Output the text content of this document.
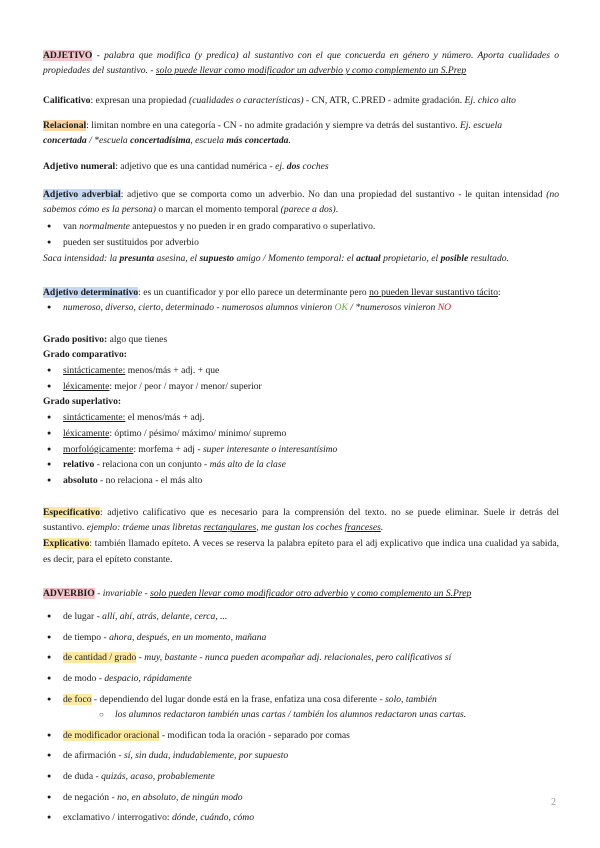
ADJETIVO - palabra que modifica (y predica) al sustantivo con el que concuerda en género y número. Aporta cualidades o propiedades del sustantivo. - solo puede llevar como modificador un adverbio y como complemento un S.Prep

Calificativo: expresan una propiedad (cualidades o características) - CN, ATR, C.PRED - admite gradación. Ej. chico alto

Relacional: limitan nombre en una categoría - CN - no admite gradación y siempre va detrás del sustantivo. Ej. escuela
concertada / *escuela concertadísima, escuela más concertada.

Adjetivo numeral: adjetivo que es una cantidad numérica - ej. dos coches

Adjetivo adverbial: adjetivo que se comporta como un adverbio. No dan una propiedad del sustantivo - le quitan intensidad (no sabemos cómo es la persona) o marcan el momento temporal (parece a dos).

● van normalmente antepuestos y no pueden ir en grado comparativo o superlativo.
● pueden ser sustituidos por adverbio

Saca intensidad: la presunta asesina, el supuesto amigo / Momento temporal: el actual propietario, el posible resultado.

Adjetivo determinativo: es un cuantificador y por ello parece un determinante pero no pueden llevar sustantivo tácito:

● numeroso, diverso, cierto, determinado - numerosos alumnos vinieron OK / *numerosos vinieron NO

Grado positivo: algo que tienes

Grado comparativo:

● sintácticamente: menos/más + adj. + que
● léxicamente: mejor / peor / mayor / menor/ superior

Grado superlativo:

● sintácticamente: el menos/más + adj.
● léxicamente: óptimo / pésimo/ máximo/ mínimo/ supremo
● morfológicamente: morfema + adj - super interesante o interesantísimo
● relativo - relaciona con un conjunto - más alto de la clase
● absoluto - no relaciona - el más alto

Especificativo: adjetivo calificativo que es necesario para la comprensión del texto. no se puede eliminar. Suele ir detrás del sustantivo. ejemplo: tráeme unas libretas rectangulares, me gustan los coches franceses.

Explicativo: también llamado epíteto. A veces se reserva la palabra epíteto para el adj explicativo que indica una cualidad ya sabida, es decir, para el epíteto constante.

ADVERBIO - invariable - solo pueden llevar como modificador otro adverbio y como complemento un S.Prep

● de lugar - allí, ahí, atrás, delante, cerca, ...
● de tiempo - ahora, después, en un momento, mañana
● de cantidad / grado - muy, bastante - nunca pueden acompañar adj. relacionales, pero calificativos sí
● de modo - despacio, rápidamente
● de foco - dependiendo del lugar donde está en la frase, enfatiza una cosa diferente - solo, también
○ los alumnos redactaron también unas cartas / también los alumnos redactaron unas cartas.
● de modificador oracional - modifican toda la oración - separado por comas
● de afirmación - sí, sin duda, indudablemente, por supuesto
● de duda - quizás, acaso, probablemente
● de negación - no, en absoluto, de ningún modo
● exclamativo / interrogativo: dónde, cuándo, cómo
2
